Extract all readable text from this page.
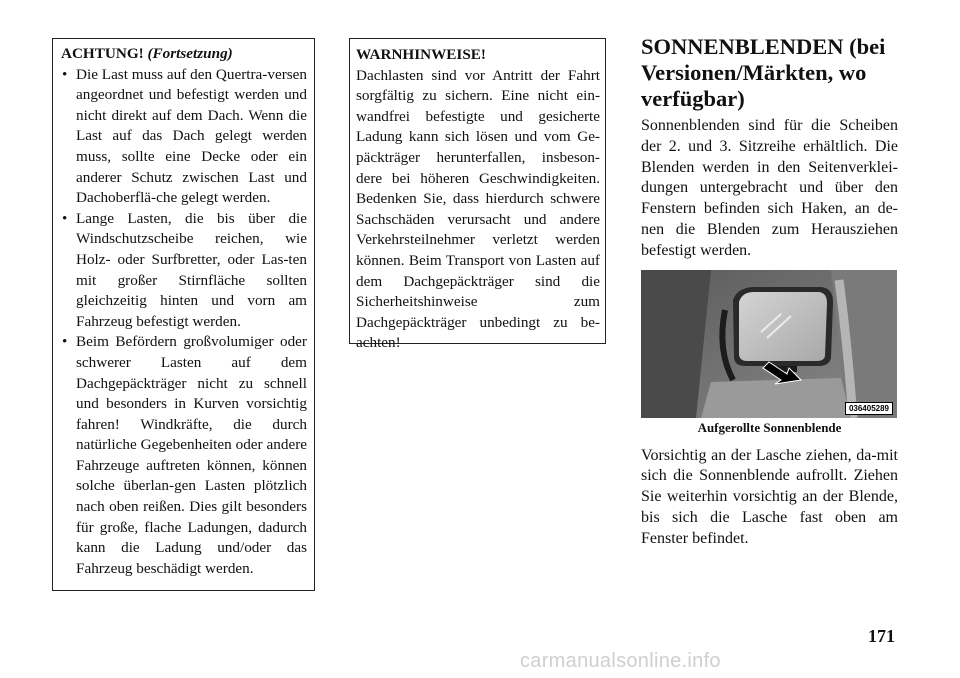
ACHTUNG! (Fortsetzung)
• Die Last muss auf den Quertra-versen angeordnet und befestigt werden und nicht direkt auf dem Dach. Wenn die Last auf das Dach gelegt werden muss, sollte eine Decke oder ein anderer Schutz zwischen Last und Dachoberflä-che gelegt werden.
• Lange Lasten, die bis über die Windschutzscheibe reichen, wie Holz- oder Surfbretter, oder Las-ten mit großer Stirnfläche sollten gleichzeitig hinten und vorn am Fahrzeug befestigt werden.
• Beim Befördern großvolumiger oder schwerer Lasten auf dem Dachgepäckträger nicht zu schnell und besonders in Kurven vorsichtig fahren! Windkräfte, die durch natürliche Gegebenheiten oder andere Fahrzeuge auftreten können, können solche überlan-gen Lasten plötzlich nach oben reißen. Dies gilt besonders für große, flache Ladungen, dadurch kann die Ladung und/oder das Fahrzeug beschädigt werden.
WARNHINWEISE!

Dachlasten sind vor Antritt der Fahrt sorgfältig zu sichern. Eine nicht ein-wandfrei befestigte und gesicherte Ladung kann sich lösen und vom Ge-päckträger herunterfallen, insbeson-dere bei höheren Geschwindigkeiten. Bedenken Sie, dass hierdurch schwere Sachschäden verursacht und andere Verkehrsteilnehmer verletzt werden können. Beim Transport von Lasten auf dem Dachgepäckträger sind die Sicherheitshinweise zum Dachgepäckträger unbedingt zu be-achten!

SONNENBLENDEN (bei Versionen/Märkten, wo verfügbar)

Sonnenblenden sind für die Scheiben der 2. und 3. Sitzreihe erhältlich. Die Blenden werden in den Seitenverklei-dungen untergebracht und über den Fenstern befinden sich Haken, an de-nen die Blenden zum Herausziehen befestigt werden.

036405289
Aufgerollte Sonnenblende

Vorsichtig an der Lasche ziehen, da-mit sich die Sonnenblende aufrollt. Ziehen Sie weiterhin vorsichtig an der Blende, bis sich die Lasche fast oben am Fenster befindet.

171
carmanualsonline.info
